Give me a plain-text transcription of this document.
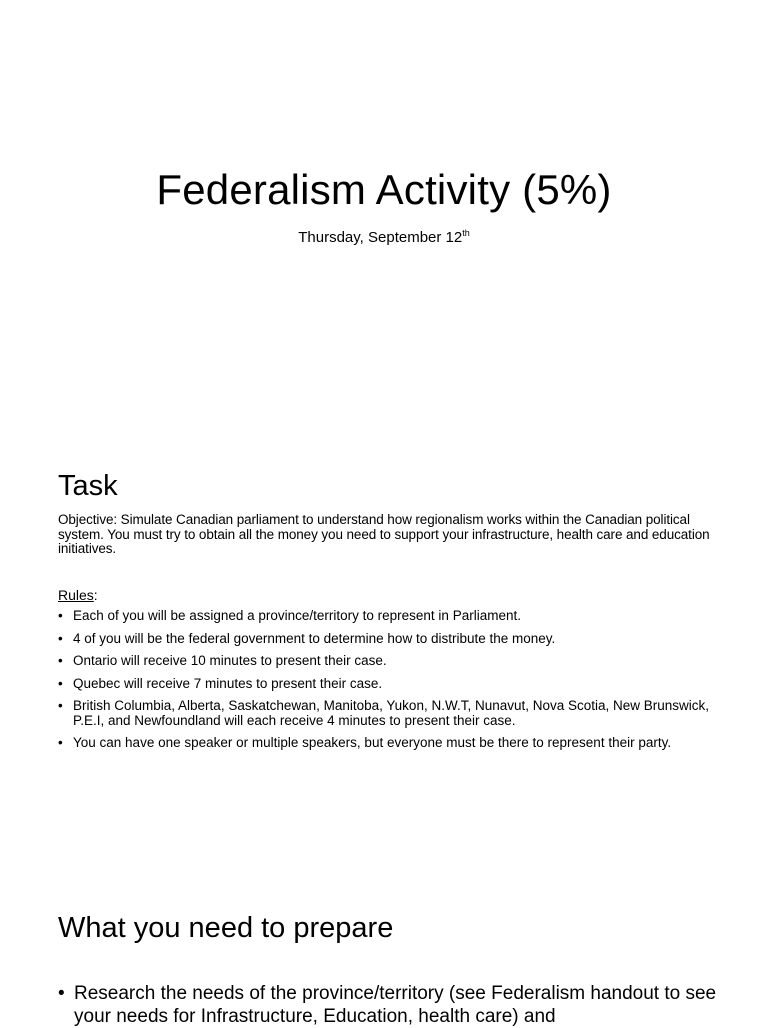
Federalism Activity (5%)
Thursday, September 12th
Task
Objective: Simulate Canadian parliament to understand how regionalism works within the Canadian political system. You must try to obtain all the money you need to support your infrastructure, health care and education initiatives.
Rules:
• Each of you will be assigned a province/territory to represent in Parliament.
• 4 of you will be the federal government to determine how to distribute the money.
• Ontario will receive 10 minutes to present their case.
• Quebec will receive 7 minutes to present their case.
• British Columbia, Alberta, Saskatchewan, Manitoba, Yukon, N.W.T, Nunavut, Nova Scotia, New Brunswick, P.E.I, and Newfoundland will each receive 4 minutes to present their case.
• You can have one speaker or multiple speakers, but everyone must be there to represent their party.
What you need to prepare
• Research the needs of the province/territory (see Federalism handout to see your needs for Infrastructure, Education, health care) and
